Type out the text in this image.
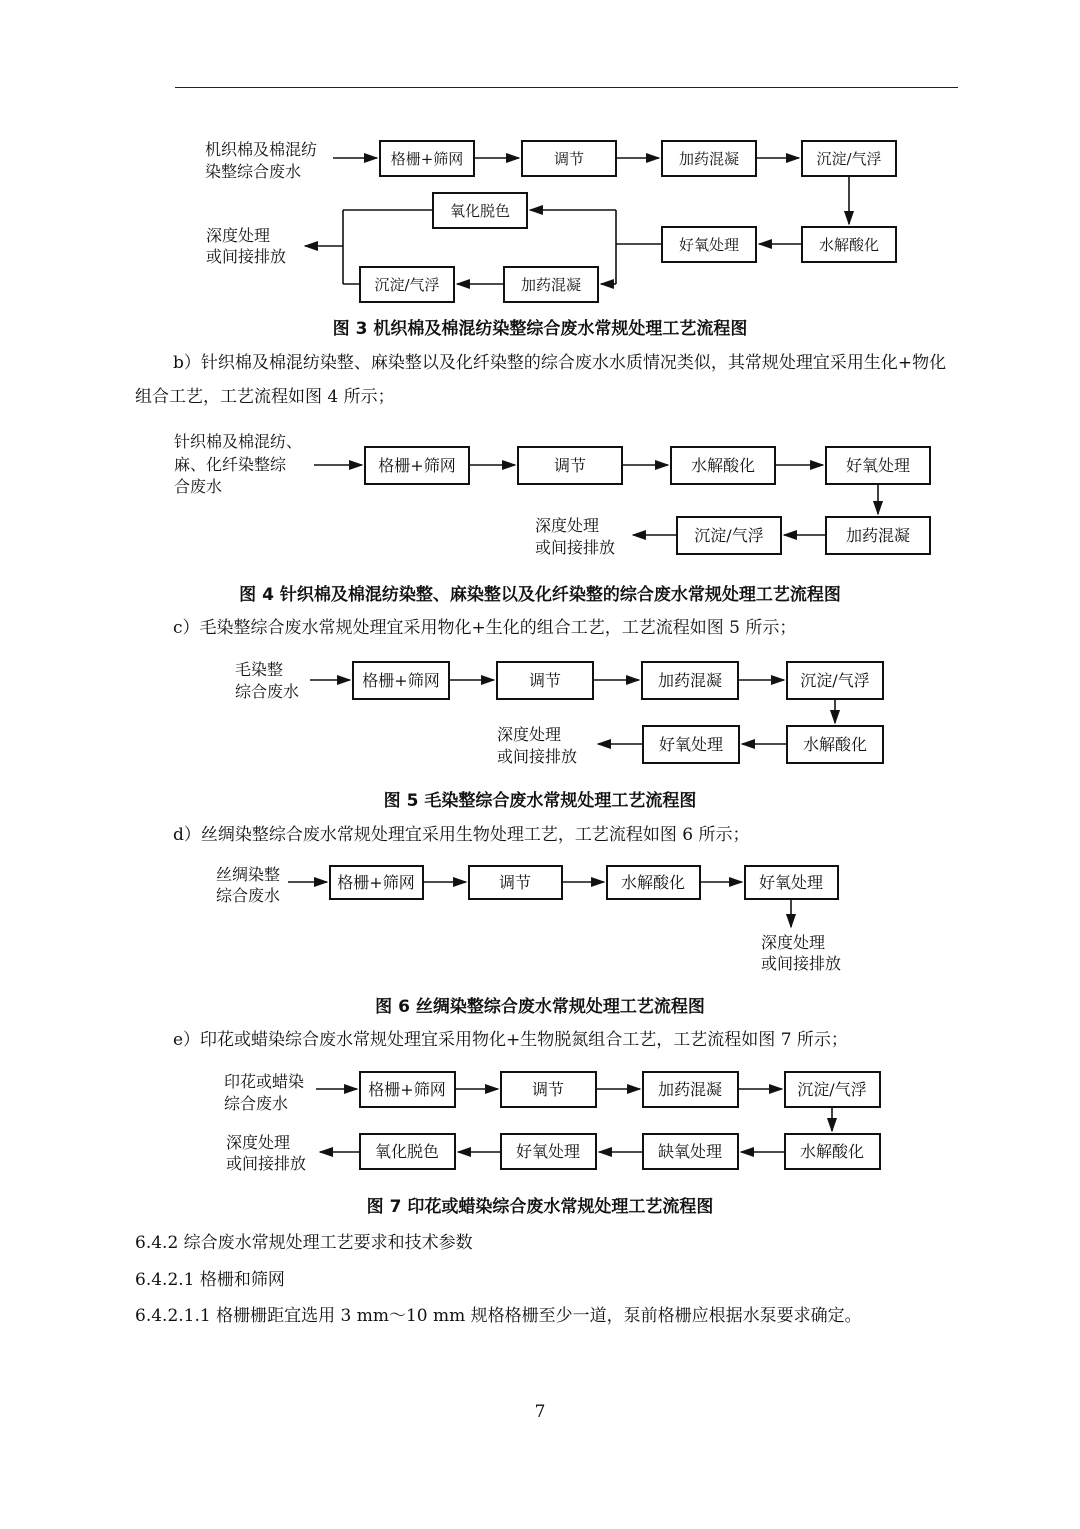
机织棉及棉混纺
染整综合废水
格栅+筛网	调节	加药混凝	沉淀/气浮
水解酸化
好氧处理
加药混凝
沉淀/气浮
氧化脱色
深度处理
或间接排放
图 3 机织棉及棉混纺染整综合废水常规处理工艺流程图
b）针织棉及棉混纺染整、麻染整以及化纤染整的综合废水水质情况类似，其常规处理宜采用生化+物化组合工艺，工艺流程如图 4 所示；
针织棉及棉混纺、
麻、化纤染整综
合废水
格栅+筛网	调节	水解酸化	好氧处理
加药混凝
沉淀/气浮
深度处理
或间接排放
图 4 针织棉及棉混纺染整、麻染整以及化纤染整的综合废水常规处理工艺流程图
c）毛染整综合废水常规处理宜采用物化+生化的组合工艺，工艺流程如图 5 所示；
毛染整
综合废水
格栅+筛网	调节	加药混凝	沉淀/气浮
水解酸化
好氧处理
深度处理
或间接排放
图 5 毛染整综合废水常规处理工艺流程图
d）丝绸染整综合废水常规处理宜采用生物处理工艺，工艺流程如图 6 所示；
丝绸染整
综合废水
格栅+筛网	调节	水解酸化	好氧处理
深度处理
或间接排放
图 6 丝绸染整综合废水常规处理工艺流程图
e）印花或蜡染综合废水常规处理宜采用物化+生物脱氮组合工艺，工艺流程如图 7 所示；
印花或蜡染
综合废水
格栅+筛网	调节	加药混凝	沉淀/气浮
水解酸化
缺氧处理
好氧处理
氧化脱色
深度处理
或间接排放
图 7 印花或蜡染综合废水常规处理工艺流程图
6.4.2 综合废水常规处理工艺要求和技术参数
6.4.2.1 格栅和筛网
6.4.2.1.1 格栅栅距宜选用 3 mm～10 mm 规格格栅至少一道，泵前格栅应根据水泵要求确定。
7
